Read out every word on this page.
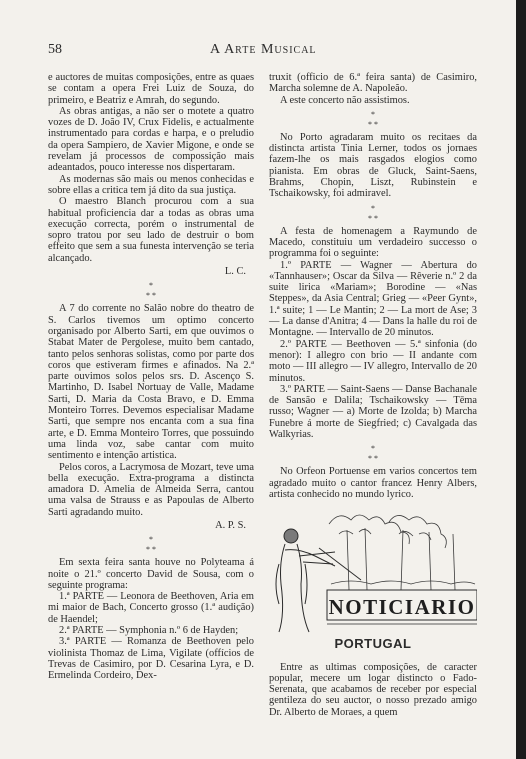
58	A Arte Musical

e auctores de muitas composições, entre as quaes se contam a opera Frei Luiz de Souza, do primeiro, e Beatriz e Amrah, do segundo.

As obras antigas, a não ser o motete a quatro vozes de D. João IV, Crux Fidelis, e actualmente instrumentado para cordas e harpa, e o preludio da opera Sampiero, de Xavier Migone, e onde se revelam já processos de compossição mais adeantados, pouco interesse nos dispertaram.

As modernas são mais ou menos conhecidas e sobre ellas a critica tem já dito da sua justiça.

O maestro Blanch procurou com a sua habitual proficiencia dar a todas as obras uma execução correcta, porém o instrumental de sopro tratou por seu lado de destruir o bom effeito que sem a sua funesta intervenção se teria alcançado.

L. C.
*
* *

A 7 do corrente no Salão nobre do theatro de S. Carlos tivemos um optimo concerto organisado por Alberto Sarti, em que ouvimos o Stabat Mater de Pergolese, muito bem cantado, tanto pelos senhoras solistas, como por parte dos coros que estiveram firmes e afinados. Na 2.ª parte ouvimos solos pelos srs. D. Ascenço S. Martinho, D. Isabel Nortuay de Valle, Madame Sarti, D. Maria da Costa Bravo, e D. Emma Monteiro Torres. Devemos especialisar Madame Sarti, que sempre nos encanta com a sua fina arte, e D. Emma Monteiro Torres, que possuindo uma linda voz, sabe cantar com muito sentimento e intenção artistica.

Pelos coros, a Lacrymosa de Mozart, teve uma bella execução. Extra-programa a distincta amadora D. Amelia de Almeida Serra, cantou uma valsa de Strauss e as Papoulas de Alberto Sarti agradando muito.

A. P. S.
*
* *

Em sexta feira santa houve no Polyteama á noite o 21.º concerto David de Sousa, com o seguinte programa:

1.ª PARTE — Leonora de Beethoven, Aria em mi maior de Bach, Concerto grosso (1.ª audição) de Haendel;

2.ª PARTE — Symphonia n.º 6 de Hayden;

3.ª PARTE — Romanza de Beethoven pelo violinista Thomaz de Lima, Vigilate (offícios de Trevas de Casimiro, por D. Cesarina Lyra, e D. Ermelinda Cordeiro, Dex-

truxit (officio de 6.ª feira santa) de Casimiro, Marcha solemne de A. Napoleão.

A este concerto não assistimos.

*
* *

No Porto agradaram muito os recitaes da distincta artista Tinia Lerner, todos os jornaes fazem-lhe os mais rasgados elogios como pianista. Em obras de Gluck, Saint-Saens, Brahms, Chopin, Liszt, Rubinstein e Tschaikowsky, foi admiravel.

*
* *

A festa de homenagem a Raymundo de Macedo, constituiu um verdadeiro successo o programma foi o seguinte:

1.º PARTE — Wagner — Abertura do «Tannhauser»; Oscar da Silva — Rêverie n.º 2 da suite lirica «Mariam»; Borodine — «Nas Steppes», da Asia Central; Grieg — «Peer Gynt», 1.ª suite; 1 — Le Mantin; 2 — La mort de Ase; 3 — La danse d'Anitra; 4 — Dans la halle du roi de Montagne. — Intervallo de 20 minutos.

2.º PARTE — Beethoven — 5.ª sinfonia (do menor): I allegro con brio — II andante com moto — III allegro — IV allegro, Intervallo de 20 minutos.

3.º PARTE — Saint-Saens — Danse Bachanale de Sansão e Dalila; Tschaikowsky — Tēma russo; Wagner — a) Morte de Izolda; b) Marcha Funebre á morte de Siegfried; c) Cavalgada das Walkyrias.

*
* *

No Orfeon Portuense em varios concertos tem agradado muito o cantor francez Henry Albers, artista conhecido no mundo lyrico.

NOTICIARIO
PORTUGAL

Entre as ultimas composições, de caracter popular, mecere um logar distincto o Fado-Serenata, que acabamos de receber por especial gentileza do seu auctor, o nosso prezado amigo Dr. Alberto de Moraes, a quem
